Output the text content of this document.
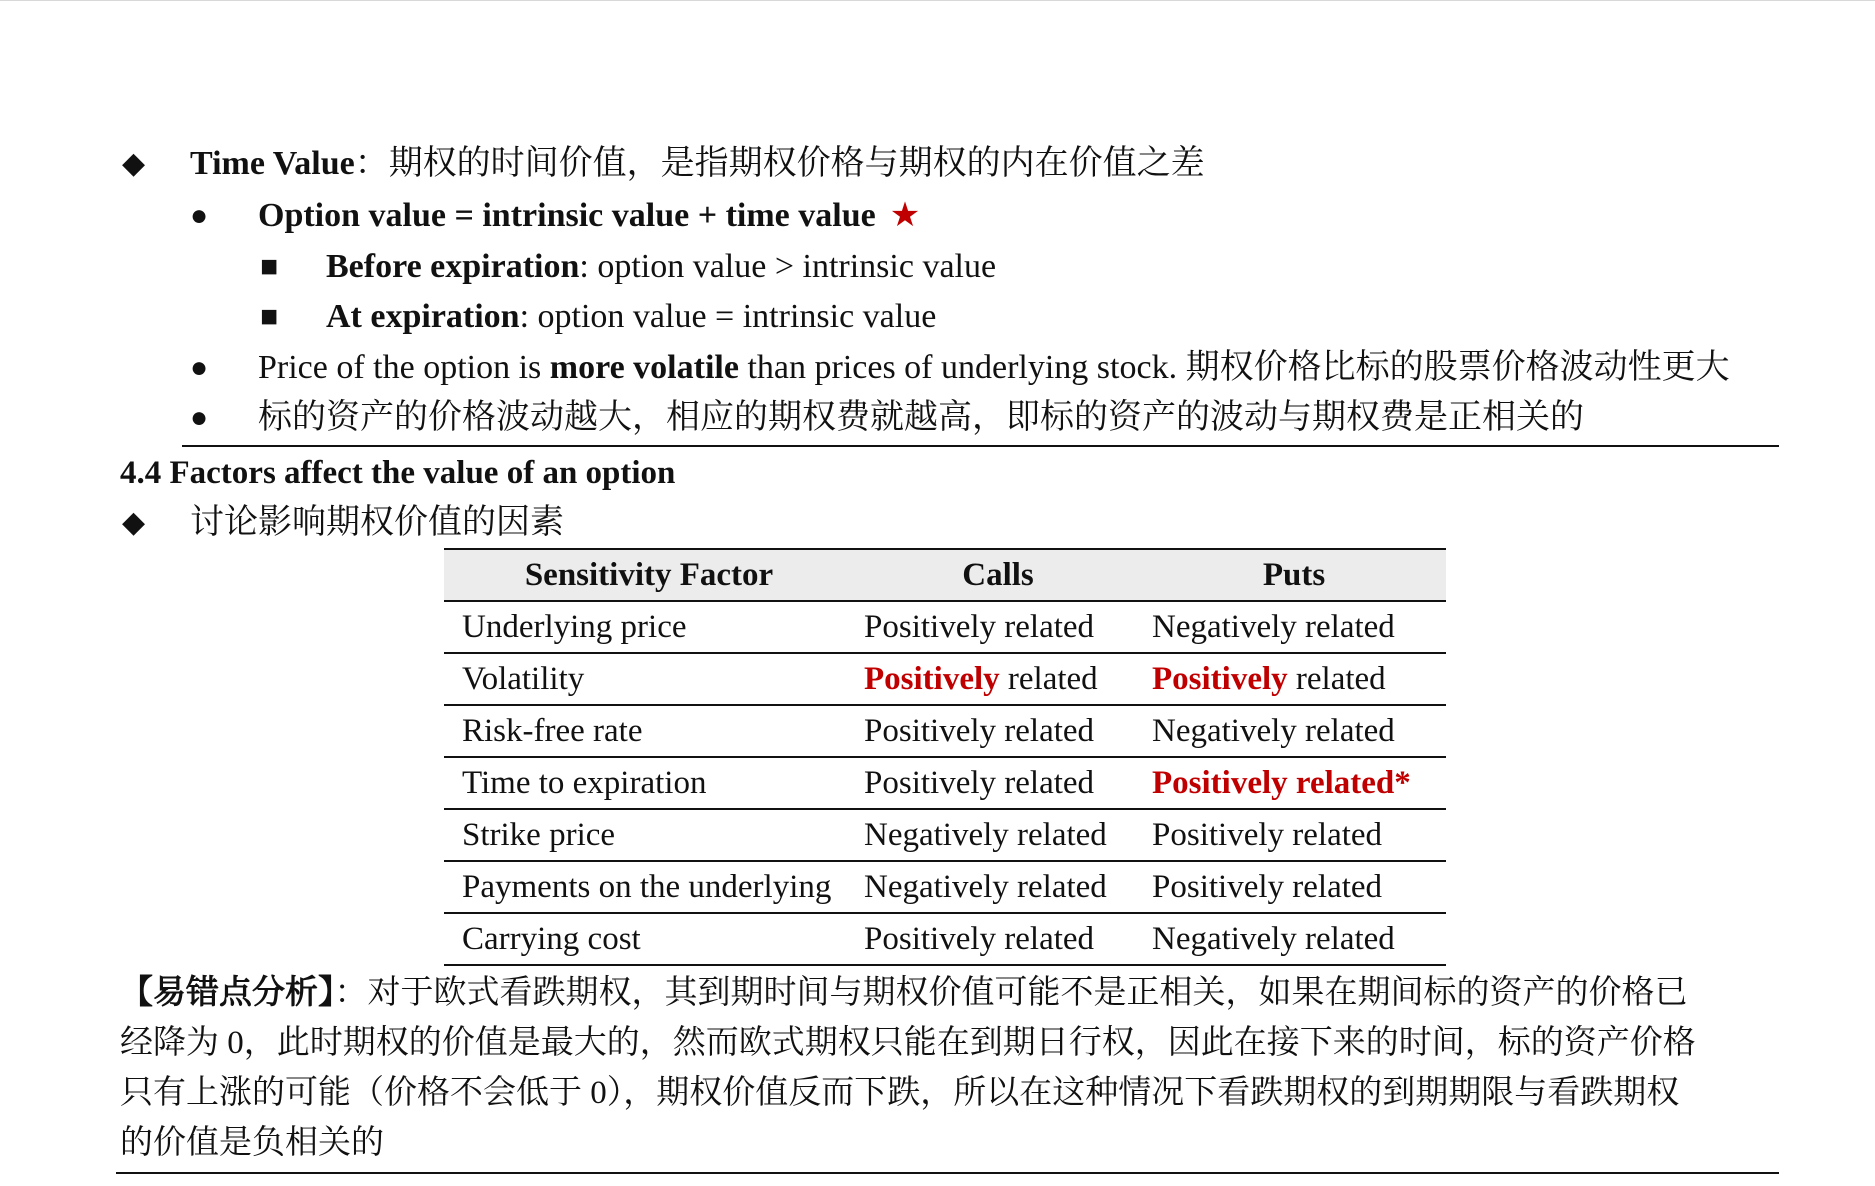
◆ Time Value：期权的时间价值，是指期权价格与期权的内在价值之差
● Option value = intrinsic value + time value ★
■ Before expiration: option value > intrinsic value
■ At expiration: option value = intrinsic value
● Price of the option is more volatile than prices of underlying stock. 期权价格比标的股票价格波动性更大
● 标的资产的价格波动越大，相应的期权费就越高，即标的资产的波动与期权费是正相关的
4.4 Factors affect the value of an option
◆ 讨论影响期权价值的因素
Sensitivity Factor	Calls	Puts
Underlying price	Positively related	Negatively related
Volatility	Positively related	Positively related
Risk-free rate	Positively related	Negatively related
Time to expiration	Positively related	Positively related*
Strike price	Negatively related	Positively related
Payments on the underlying	Negatively related	Positively related
Carrying cost	Positively related	Negatively related
【易错点分析】：对于欧式看跌期权，其到期时间与期权价值可能不是正相关，如果在期间标的资产的价格已
经降为 0，此时期权的价值是最大的，然而欧式期权只能在到期日行权，因此在接下来的时间，标的资产价格
只有上涨的可能（价格不会低于 0），期权价值反而下跌，所以在这种情况下看跌期权的到期期限与看跌期权
的价值是负相关的
